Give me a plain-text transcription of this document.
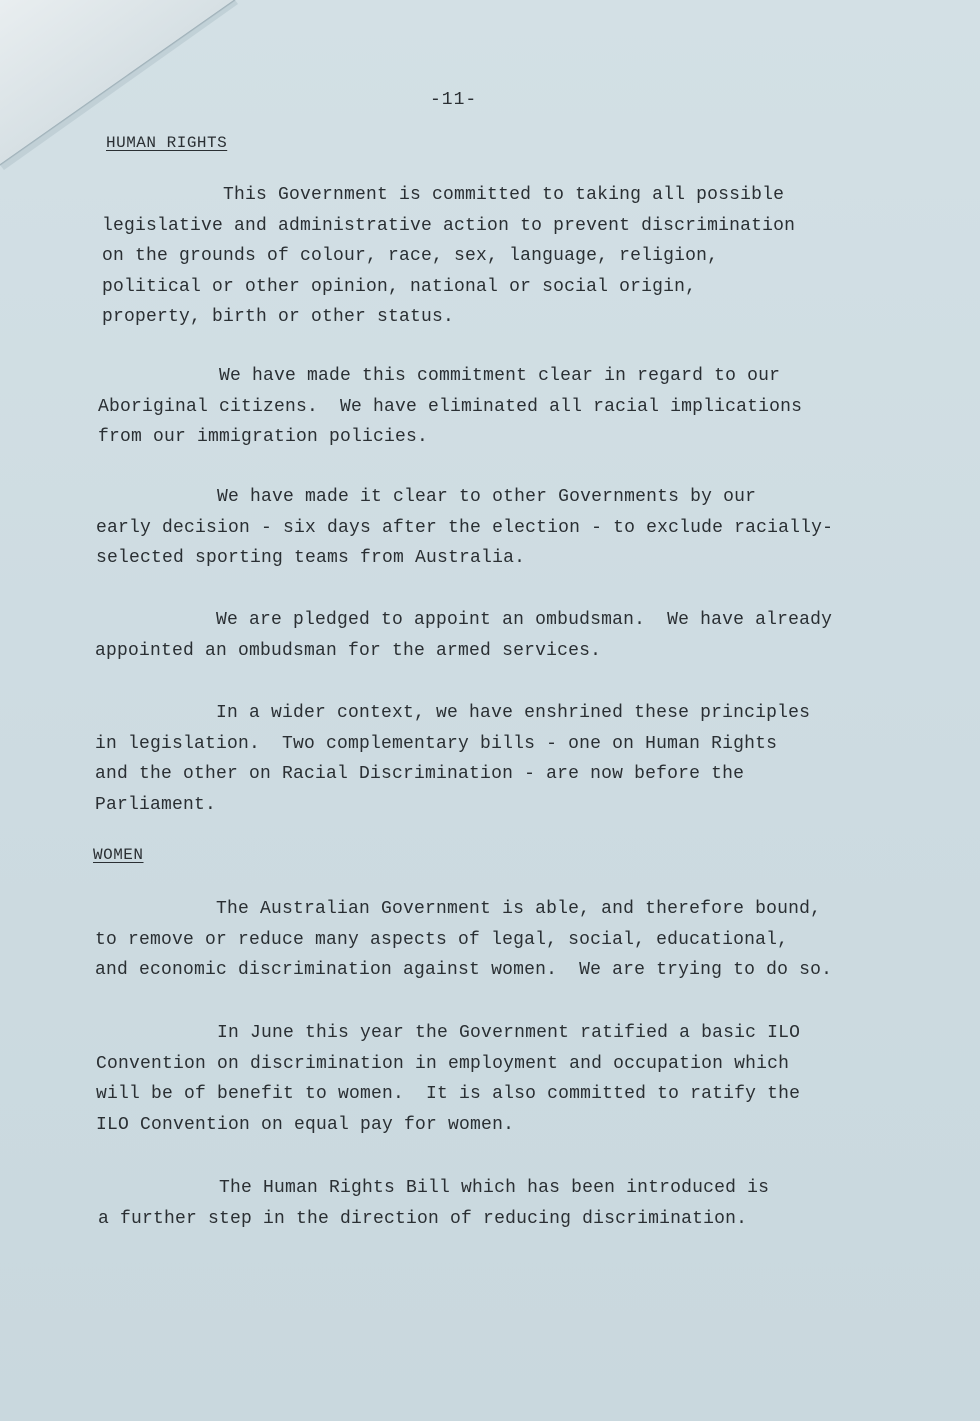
-11-
HUMAN RIGHTS

This Government is committed to taking all possible
legislative and administrative action to prevent discrimination
on the grounds of colour, race, sex, language, religion,
political or other opinion, national or social origin,
property, birth or other status.

We have made this commitment clear in regard to our
Aboriginal citizens.  We have eliminated all racial implications
from our immigration policies.

We have made it clear to other Governments by our
early decision - six days after the election - to exclude racially-
selected sporting teams from Australia.

We are pledged to appoint an ombudsman.  We have already
appointed an ombudsman for the armed services.

In a wider context, we have enshrined these principles
in legislation.  Two complementary bills - one on Human Rights
and the other on Racial Discrimination - are now before the
Parliament.

WOMEN

The Australian Government is able, and therefore bound,
to remove or reduce many aspects of legal, social, educational,
and economic discrimination against women.  We are trying to do so.

In June this year the Government ratified a basic ILO
Convention on discrimination in employment and occupation which
will be of benefit to women.  It is also committed to ratify the
ILO Convention on equal pay for women.

The Human Rights Bill which has been introduced is
a further step in the direction of reducing discrimination.
